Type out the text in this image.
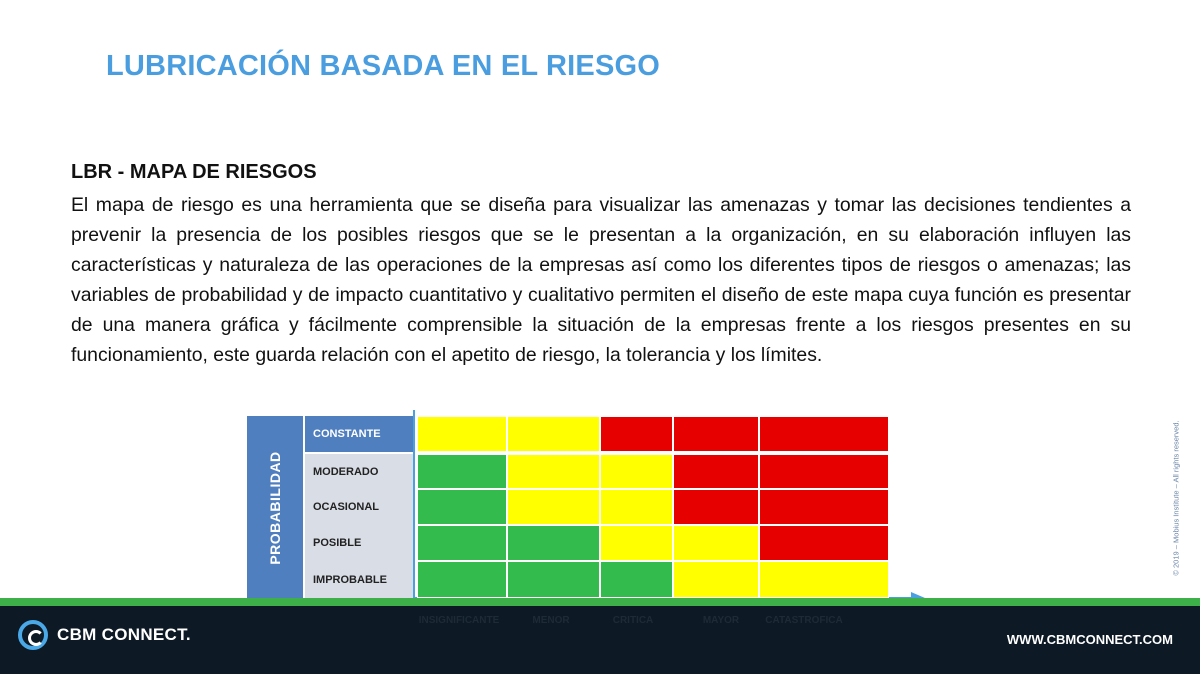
LUBRICACIÓN BASADA EN EL RIESGO
LBR - MAPA DE RIESGOS
El mapa de riesgo es una herramienta que se diseña para visualizar las amenazas y tomar las decisiones tendientes a prevenir la presencia de los posibles riesgos que se le presentan a la organización, en su elaboración influyen las características y naturaleza de las operaciones de la empresas así como los diferentes tipos de riesgos o amenazas; las variables de probabilidad y de impacto cuantitativo y cualitativo permiten el diseño de este mapa cuya función es presentar de una manera gráfica y fácilmente comprensible la situación de la empresas frente a los riesgos presentes en su funcionamiento, este guarda relación con el apetito de riesgo, la tolerancia y los límites.
PROBABILIDAD
CONSTANTE
MODERADO
OCASIONAL
POSIBLE
IMPROBABLE
© 2019 – Mobius Institute – All rights reserved.
CBM CONNECT.	WWW.CBMCONNECT.COM
INSIGNIFICANTE	MENOR	CRITICA	MAYOR	CATASTROFICA
